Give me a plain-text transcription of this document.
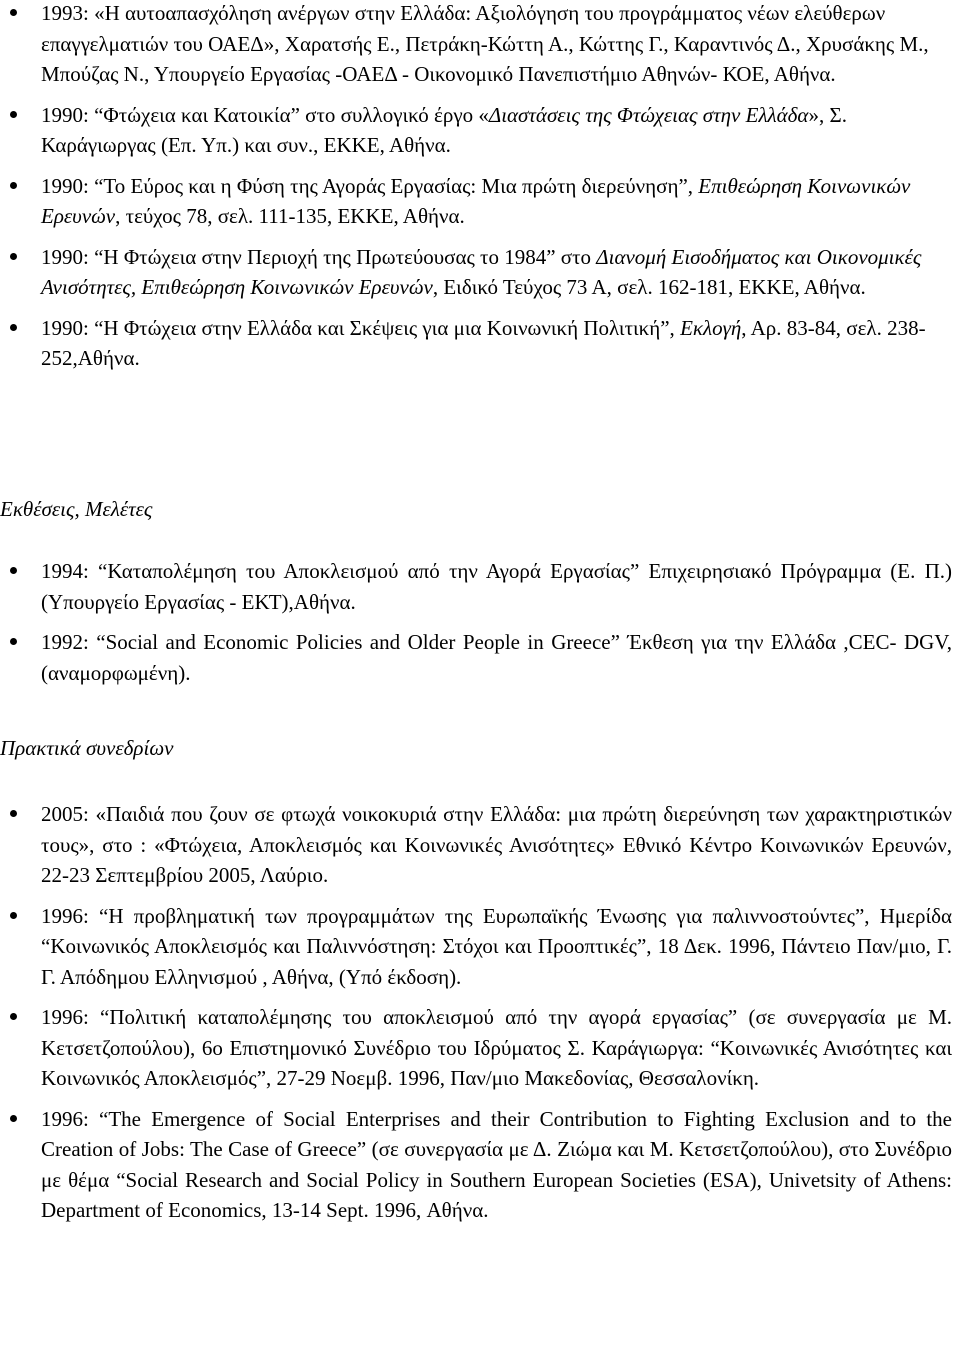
1993: «Η αυτοαπασχόληση ανέργων στην Ελλάδα: Αξιολόγηση του προγράμματος νέων ελεύθερων επαγγελματιών του ΟΑΕΔ», Χαρατσής Ε., Πετράκη-Κώττη Α., Κώττης Γ., Καραντινός Δ., Χρυσάκης Μ., Μπούζας Ν., Υπουργείο Εργασίας -ΟΑΕΔ - Οικονομικό Πανεπιστήμιο Αθηνών- ΚΟΕ, Αθήνα.
1990: “Φτώχεια και Κατοικία” στο συλλογικό έργο «Διαστάσεις της Φτώχειας στην Ελλάδα», Σ. Καράγιωργας (Επ. Υπ.) και συν., ΕΚΚΕ, Αθήνα.
1990: “Το Εύρος και η Φύση της Αγοράς Εργασίας: Μια πρώτη διερεύνηση”, Επιθεώρηση Κοινωνικών Ερευνών, τεύχος 78, σελ. 111-135, ΕΚΚΕ, Αθήνα.
1990: “Η Φτώχεια στην Περιοχή της Πρωτεύουσας το 1984” στο Διανομή Εισοδήματος και Οικονομικές Ανισότητες, Επιθεώρηση Κοινωνικών Ερευνών, Ειδικό Τεύχος 73 Α, σελ. 162-181, ΕΚΚΕ, Αθήνα.
1990: “Η Φτώχεια στην Ελλάδα και Σκέψεις για μια Κοινωνική Πολιτική”, Εκλογή, Αρ. 83-84, σελ. 238-252,Αθήνα.
Εκθέσεις, Μελέτες
1994: “Καταπολέμηση του Αποκλεισμού από την Αγορά Εργασίας” Επιχειρησιακό Πρόγραμμα (Ε. Π.) (Υπουργείο Εργασίας - ΕΚΤ),Αθήνα.
1992: “Social and Economic Policies and Older People in Greece” Έκθεση για την Ελλάδα ,CEC- DGV, (αναμορφωμένη).
Πρακτικά συνεδρίων
2005: «Παιδιά που ζουν σε φτωχά νοικοκυριά στην Ελλάδα: μια πρώτη διερεύνηση των χαρακτηριστικών τους», στο : «Φτώχεια, Αποκλεισμός και Κοινωνικές Ανισότητες» Εθνικό Κέντρο Κοινωνικών Ερευνών, 22-23 Σεπτεμβρίου 2005, Λαύριο.
1996: “Η προβληματική των προγραμμάτων της Ευρωπαϊκής Ένωσης για παλιννοστούντες”, Ημερίδα “Κοινωνικός Αποκλεισμός και Παλιννόστηση: Στόχοι και Προοπτικές”, 18 Δεκ. 1996, Πάντειο Παν/μιο, Γ. Γ. Απόδημου Ελληνισμού , Αθήνα, (Υπό έκδοση).
1996: “Πολιτική καταπολέμησης του αποκλεισμού από την αγορά εργασίας” (σε συνεργασία με Μ. Κετσετζοπούλου), 6ο Επιστημονικό Συνέδριο του Ιδρύματος Σ. Καράγιωργα: “Κοινωνικές Ανισότητες και Κοινωνικός Αποκλεισμός”, 27-29 Νοεμβ. 1996, Παν/μιο Μακεδονίας, Θεσσαλονίκη.
1996: “The Emergence of Social Enterprises and their Contribution to Fighting Exclusion and to the Creation of Jobs: The Case of Greece” (σε συνεργασία με Δ. Ζιώμα και Μ. Κετσετζοπούλου), στο Συνέδριο με θέμα “Social Research and Social Policy in Southern European Societies (ESA), Univetsity of Athens: Department of Economics, 13-14 Sept. 1996, Αθήνα.
